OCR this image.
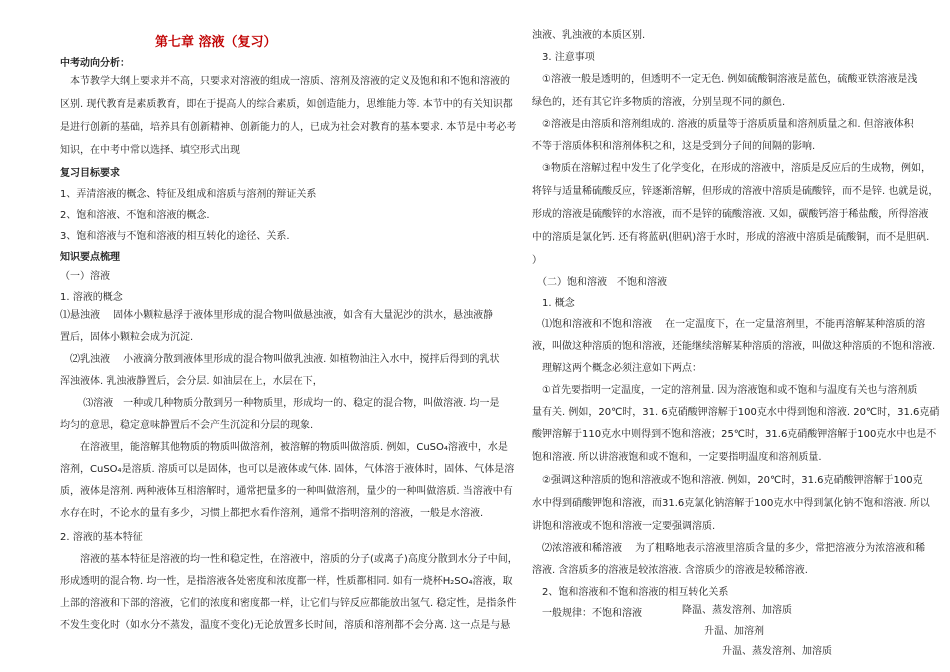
第七章 溶液（复习）
中考动向分析：
　本节教学大纲上要求并不高，只要求对溶液的组成一溶质、溶剂及溶液的定义及饱和和不饱和溶液的
区别. 现代教育是素质教育，即在于提高人的综合素质，如创造能力，思维能力等. 本节中的有关知识都
是进行创新的基础，培养具有创新精神、创新能力的人，已成为社会对教育的基本要求. 本节是中考必考
知识，在中考中常以选择、填空形式出现
复习目标要求
1、弄清溶液的概念、特征及组成和溶质与溶剂的辩证关系
2、饱和溶液、不饱和溶液的概念.
3、饱和溶液与不饱和溶液的相互转化的途径、关系.
知识要点梳理
（一）溶液
1. 溶液的概念
⑴悬浊液　 固体小颗粒悬浮于液体里形成的混合物叫做悬浊液，如含有大量泥沙的洪水，悬浊液静
置后，固体小颗粒会成为沉淀.
　⑵乳浊液　 小液滴分散到液体里形成的混合物叫做乳浊液. 如植物油注入水中，搅拌后得到的乳状
浑浊液体. 乳浊液静置后，会分层. 如油层在上，水层在下，
　　 ⑶溶液　一种或几种物质分散到另一种物质里，形成均一的、稳定的混合物，叫做溶液. 均一是
均匀的意思，稳定意味静置后不会产生沉淀和分层的现象.
　　在溶液里，能溶解其他物质的物质叫做溶剂，被溶解的物质叫做溶质. 例如，CuSO₄溶液中，水是
溶剂，CuSO₄是溶质. 溶质可以是固体，也可以是液体或气体. 固体，气体溶于液体时，固体、气体是溶
质，液体是溶剂. 两种液体互相溶解时，通常把量多的一种叫做溶剂，量少的一种叫做溶质. 当溶液中有
水存在时，不论水的量有多少，习惯上都把水看作溶剂，通常不指明溶剂的溶液，一般是水溶液.
2. 溶液的基本特征
　　溶液的基本特征是溶液的均一性和稳定性，在溶液中，溶质的分子(或离子)高度分散到水分子中间，
形成透明的混合物. 均一性，是指溶液各处密度和浓度都一样，性质都相同. 如有一烧杯H₂SO₄溶液，取
上部的溶液和下部的溶液，它们的浓度和密度都一样，让它们与锌反应都能放出氢气. 稳定性，是指条件
不发生变化时（如水分不蒸发，温度不变化)无论放置多长时间，溶质和溶剂都不会分离. 这一点是与悬
浊液、乳浊液的本质区别.
　3. 注意事项
　①溶液一般是透明的，但透明不一定无色. 例如硫酸铜溶液是蓝色，硫酸亚铁溶液是浅
绿色的，还有其它许多物质的溶液，分别呈现不同的颜色.
　②溶液是由溶质和溶剂组成的. 溶液的质量等于溶质质量和溶剂质量之和. 但溶液体积
不等于溶质体积和溶剂体积之和，这是受到分子间的间隔的影响.
　③物质在溶解过程中发生了化学变化，在形成的溶液中，溶质是反应后的生成物，例如，
将锌与适量稀硫酸反应，锌逐渐溶解，但形成的溶液中溶质是硫酸锌，而不是锌. 也就是说，
形成的溶液是硫酸锌的水溶液，而不是锌的硫酸溶液. 又如，碳酸钙溶于稀盐酸，所得溶液
中的溶质是氯化钙. 还有将蓝矾(胆矾)溶于水时，形成的溶液中溶质是硫酸铜，而不是胆矾.
）
　（二）饱和溶液　不饱和溶液
　1. 概念
　⑴饱和溶液和不饱和溶液　 在一定温度下，在一定量溶剂里，不能再溶解某种溶质的溶
液，叫做这种溶质的饱和溶液，还能继续溶解某种溶质的溶液，叫做这种溶质的不饱和溶液.
　理解这两个概念必须注意如下两点：
　①首先要指明一定温度，一定的溶剂量. 因为溶液饱和或不饱和与温度有关也与溶剂质
量有关. 例如，20℃时，31. 6克硝酸钾溶解于100克水中得到饱和溶液. 20℃时，31.6克硝
酸钾溶解于110克水中则得到不饱和溶液；25℃时，31.6克硝酸钾溶解于100克水中也是不
饱和溶液. 所以讲溶液饱和或不饱和，一定要指明温度和溶剂质量.
　②强调这种溶质的饱和溶液或不饱和溶液. 例如，20℃时，31.6克硝酸钾溶解于100克
水中得到硝酸钾饱和溶液，而31.6克氯化钠溶解于100克水中得到氯化钠不饱和溶液. 所以
讲饱和溶液或不饱和溶液一定要强调溶质.
　⑵浓溶液和稀溶液　 为了粗略地表示溶液里溶质含量的多少，常把溶液分为浓溶液和稀
溶液. 含溶质多的溶液是较浓溶液. 含溶质少的溶液是较稀溶液.
　2、饱和溶液和不饱和溶液的相互转化关系
　一般规律：不饱和溶液	降温、蒸发溶剂、加溶质
升温、加溶剂
升温、蒸发溶剂、加溶质
